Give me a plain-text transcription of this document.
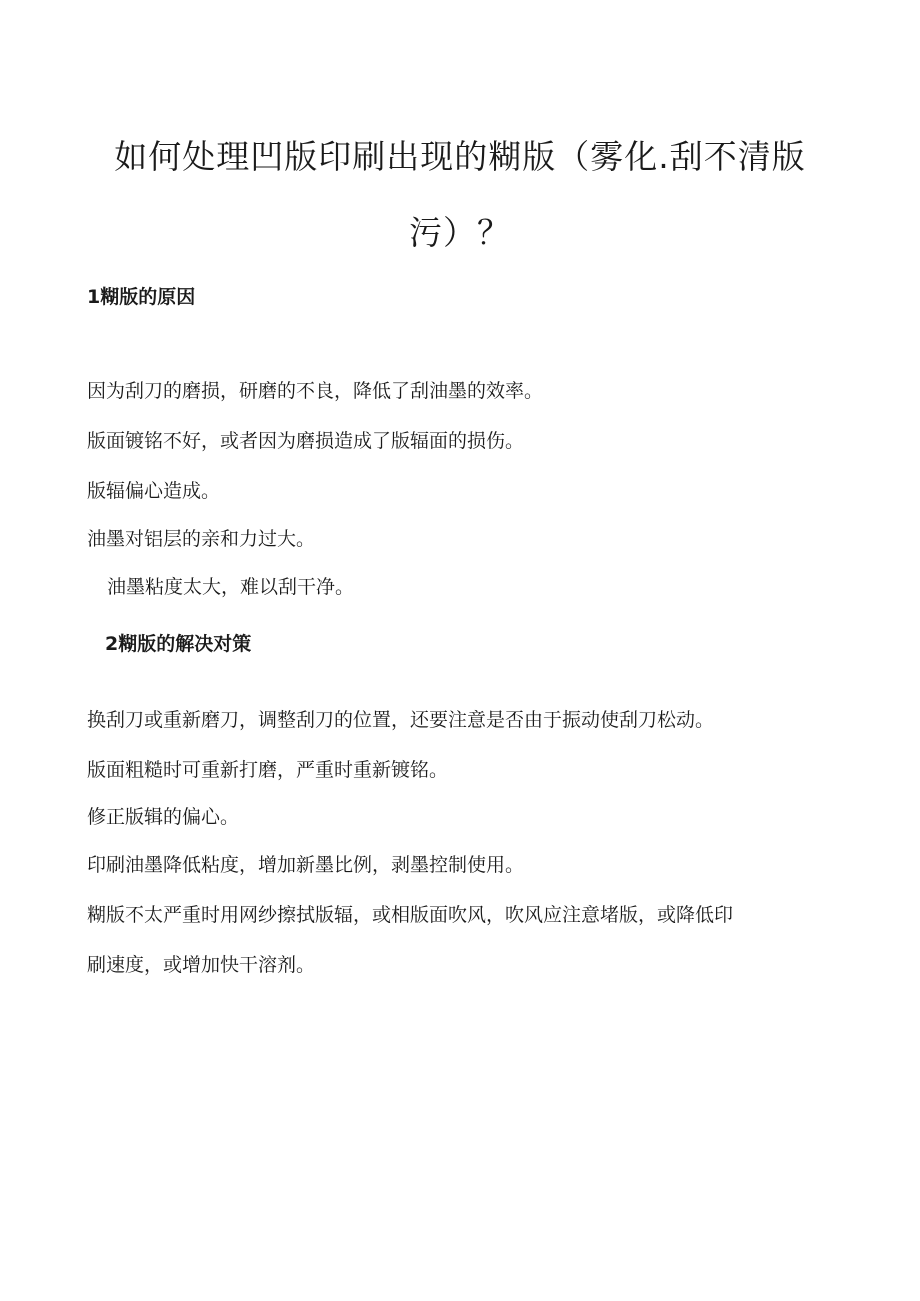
如何处理凹版印刷出现的糊版（雾化.刮不清版
污）？
1糊版的原因

因为刮刀的磨损，研磨的不良，降低了刮油墨的效率。

版面镀铭不好，或者因为磨损造成了版辐面的损伤。

版辐偏心造成。

油墨对铝层的亲和力过大。

油墨粘度太大，难以刮干净。

2糊版的解决对策

换刮刀或重新磨刀，调整刮刀的位置，还要注意是否由于振动使刮刀松动。

版面粗糙时可重新打磨，严重时重新镀铭。

修正版辑的偏心。

印刷油墨降低粘度，增加新墨比例，剥墨控制使用。

糊版不太严重时用网纱擦拭版辐，或相版面吹风，吹风应注意堵版，或降低印

刷速度，或增加快干溶剂。
